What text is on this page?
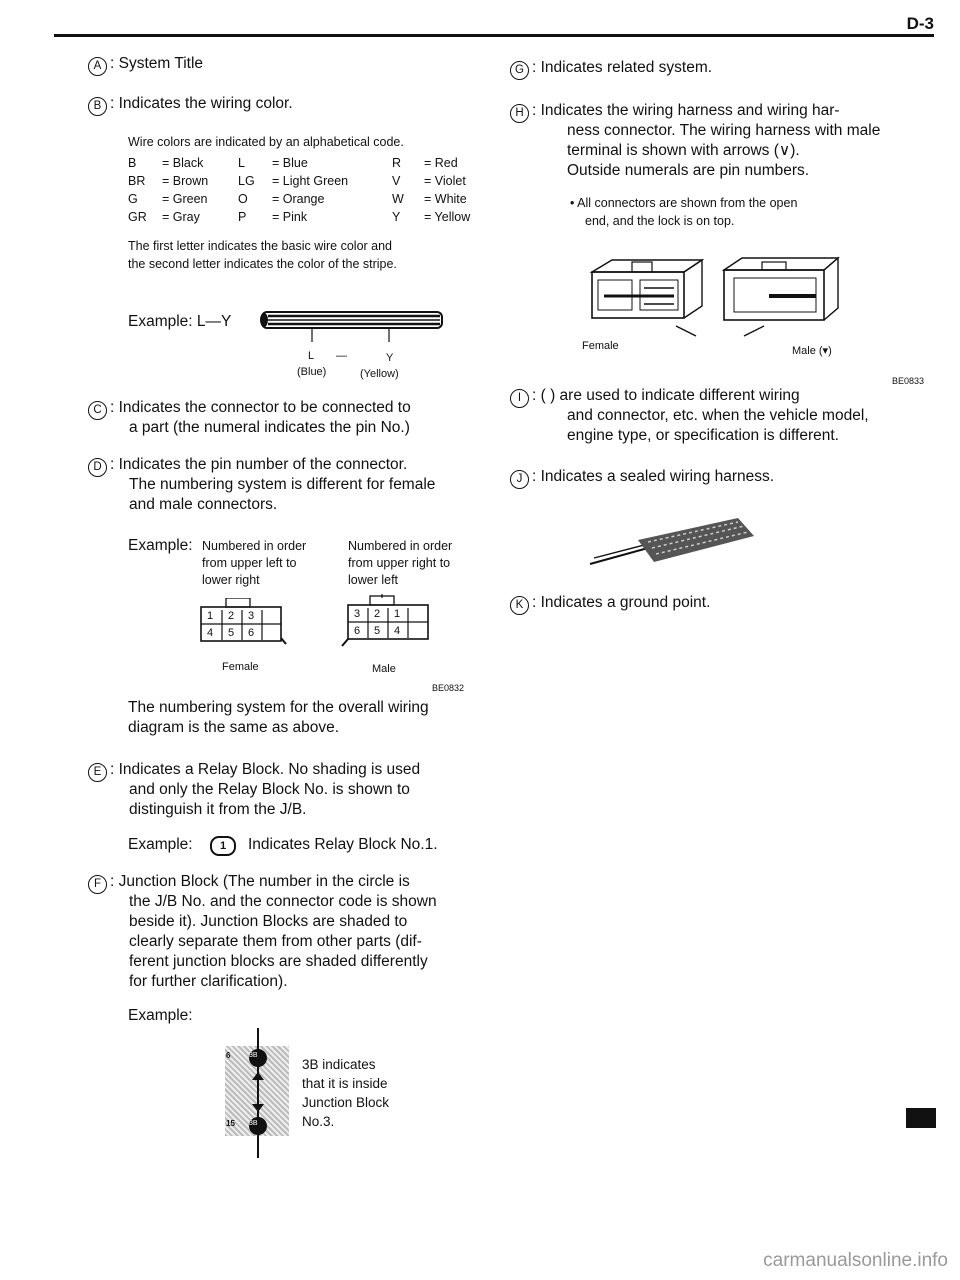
D-3
A : System Title
B : Indicates the wiring color.
Wire colors are indicated by an alphabetical code.
B	= Black	L	= Blue	R	= Red
BR	= Brown	LG	= Light Green	V	= Violet
G	= Green	O	= Orange	W	= White
GR	= Gray	P	= Pink	Y	= Yellow
The first letter indicates the basic wire color and
the second letter indicates the color of the stripe.
Example: L—Y
L —	Y
(Blue)	(Yellow)
C : Indicates the connector to be connected to
a part (the numeral indicates the pin No.)
D : Indicates the pin number of the connector.
The numbering system is different for female
and male connectors.
Example: Numbered in order
from upper left to
lower right
Numbered in order
from upper right to
lower left
1 2 3
4 5 6
Female
3 2 1
6 5 4
Male
BE0832
The numbering system for the overall wiring
diagram is the same as above.
E : Indicates a Relay Block. No shading is used
and only the Relay Block No. is shown to
distinguish it from the J/B.
Example:	1	Indicates Relay Block No.1.
F : Junction Block (The number in the circle is
the J/B No. and the connector code is shown
beside it). Junction Blocks are shaded to
clearly separate them from other parts (dif-
ferent junction blocks are shaded differently
for further clarification).
Example:
6	3B
15 3B
3B indicates
that it is inside
Junction Block
No.3.
G : Indicates related system.
H : Indicates the wiring harness and wiring har-
ness connector. The wiring harness with male
terminal is shown with arrows (∨).
Outside numerals are pin numbers.
• All connectors are shown from the open
end, and the lock is on top.
Female	Male (▾)
BE0833
I : ( ) are used to indicate different wiring
and connector, etc. when the vehicle model,
engine type, or specification is different.
J : Indicates a sealed wiring harness.
K : Indicates a ground point.
carmanualsonline.info
